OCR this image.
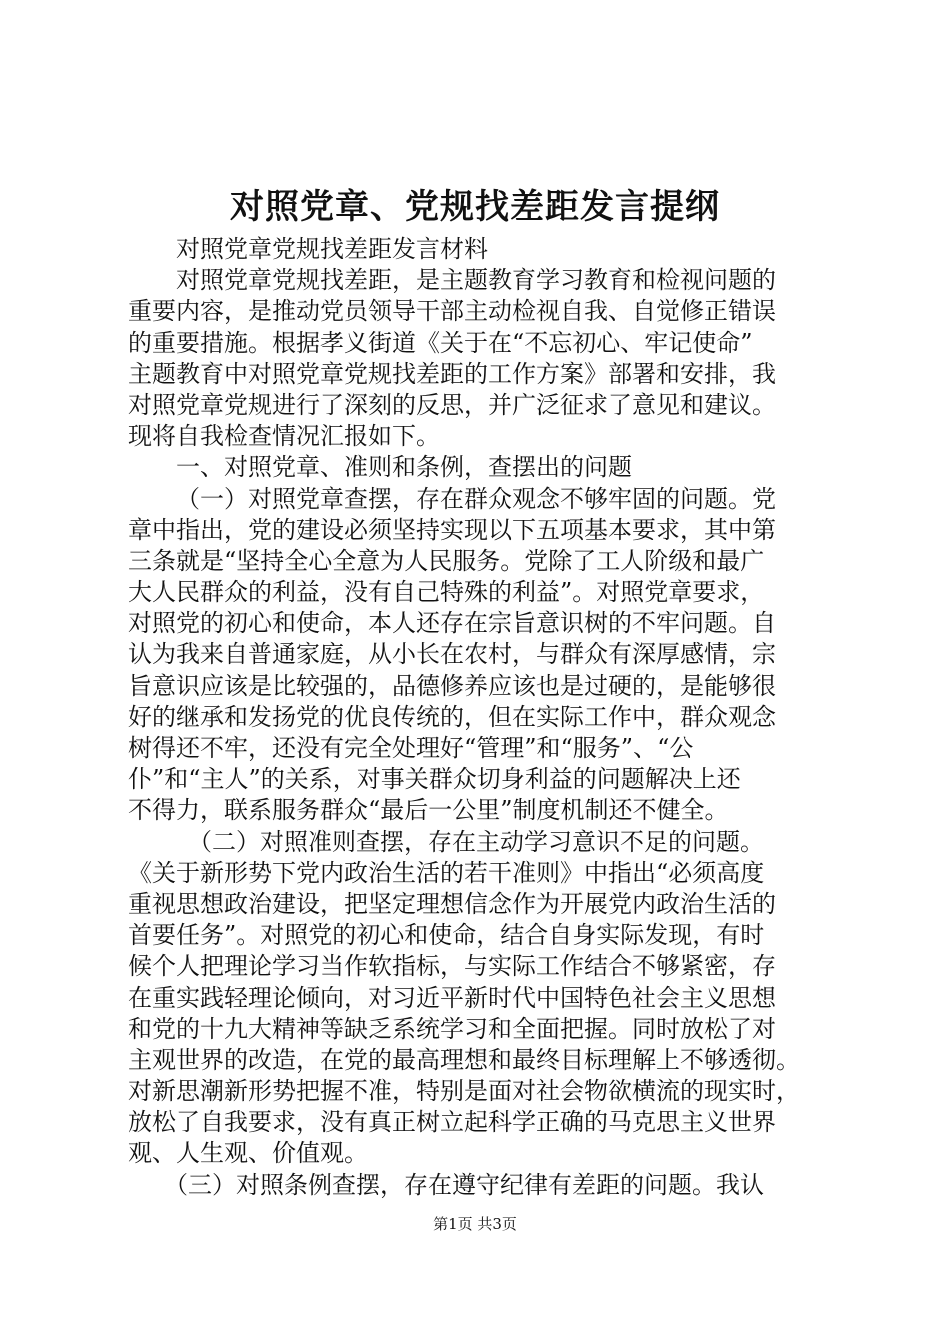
对照党章、党规找差距发言提纲
对照党章党规找差距发言材料
对照党章党规找差距，是主题教育学习教育和检视问题的
重要内容，是推动党员领导干部主动检视自我、自觉修正错误
的重要措施。根据孝义街道《关于在“不忘初心、牢记使命”
主题教育中对照党章党规找差距的工作方案》部署和安排，我
对照党章党规进行了深刻的反思，并广泛征求了意见和建议。
现将自我检查情况汇报如下。
一、对照党章、准则和条例，查摆出的问题
（一）对照党章查摆，存在群众观念不够牢固的问题。党
章中指出，党的建设必须坚持实现以下五项基本要求，其中第
三条就是“坚持全心全意为人民服务。党除了工人阶级和最广
大人民群众的利益，没有自己特殊的利益”。对照党章要求，
对照党的初心和使命，本人还存在宗旨意识树的不牢问题。自
认为我来自普通家庭，从小长在农村，与群众有深厚感情，宗
旨意识应该是比较强的，品德修养应该也是过硬的，是能够很
好的继承和发扬党的优良传统的，但在实际工作中，群众观念
树得还不牢，还没有完全处理好“管理”和“服务”、“公
仆”和“主人”的关系，对事关群众切身利益的问题解决上还
不得力，联系服务群众“最后一公里”制度机制还不健全。
（二）对照准则查摆，存在主动学习意识不足的问题。
《关于新形势下党内政治生活的若干准则》中指出“必须高度
重视思想政治建设，把坚定理想信念作为开展党内政治生活的
首要任务”。对照党的初心和使命，结合自身实际发现，有时
候个人把理论学习当作软指标，与实际工作结合不够紧密，存
在重实践轻理论倾向，对习近平新时代中国特色社会主义思想
和党的十九大精神等缺乏系统学习和全面把握。同时放松了对
主观世界的改造，在党的最高理想和最终目标理解上不够透彻。
对新思潮新形势把握不准，特别是面对社会物欲横流的现实时，
放松了自我要求，没有真正树立起科学正确的马克思主义世界
观、人生观、价值观。
（三）对照条例查摆，存在遵守纪律有差距的问题。我认
第1页 共3页
